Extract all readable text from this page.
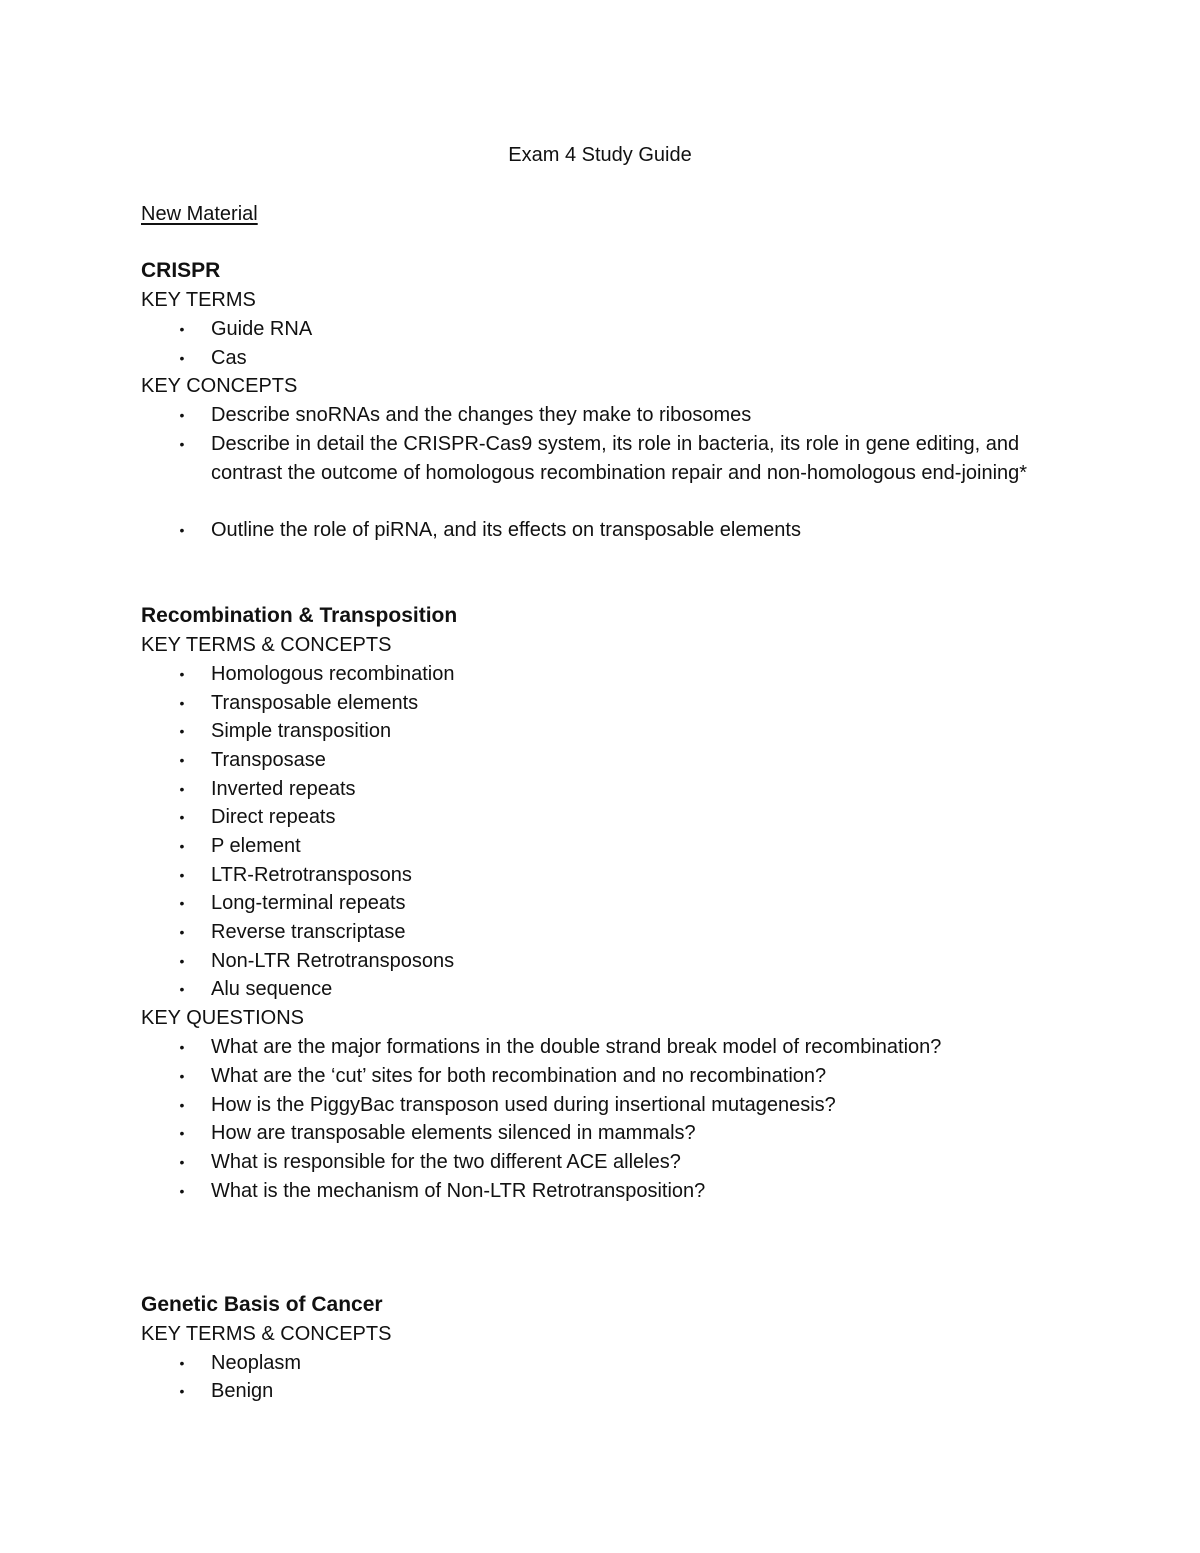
Exam 4 Study Guide
New Material
CRISPR
KEY TERMS
• Guide RNA
• Cas
KEY CONCEPTS
• Describe snoRNAs and the changes they make to ribosomes
• Describe in detail the CRISPR-Cas9 system, its role in bacteria, its role in gene editing, and contrast the outcome of homologous recombination repair and non-homologous end-joining*
• Outline the role of piRNA, and its effects on transposable elements
Recombination & Transposition
KEY TERMS & CONCEPTS
• Homologous recombination
• Transposable elements
• Simple transposition
• Transposase
• Inverted repeats
• Direct repeats
• P element
• LTR-Retrotransposons
• Long-terminal repeats
• Reverse transcriptase
• Non-LTR Retrotransposons
• Alu sequence
KEY QUESTIONS
• What are the major formations in the double strand break model of recombination?
• What are the ‘cut’ sites for both recombination and no recombination?
• How is the PiggyBac transposon used during insertional mutagenesis?
• How are transposable elements silenced in mammals?
• What is responsible for the two different ACE alleles?
• What is the mechanism of Non-LTR Retrotransposition?
Genetic Basis of Cancer
KEY TERMS & CONCEPTS
• Neoplasm
• Benign
